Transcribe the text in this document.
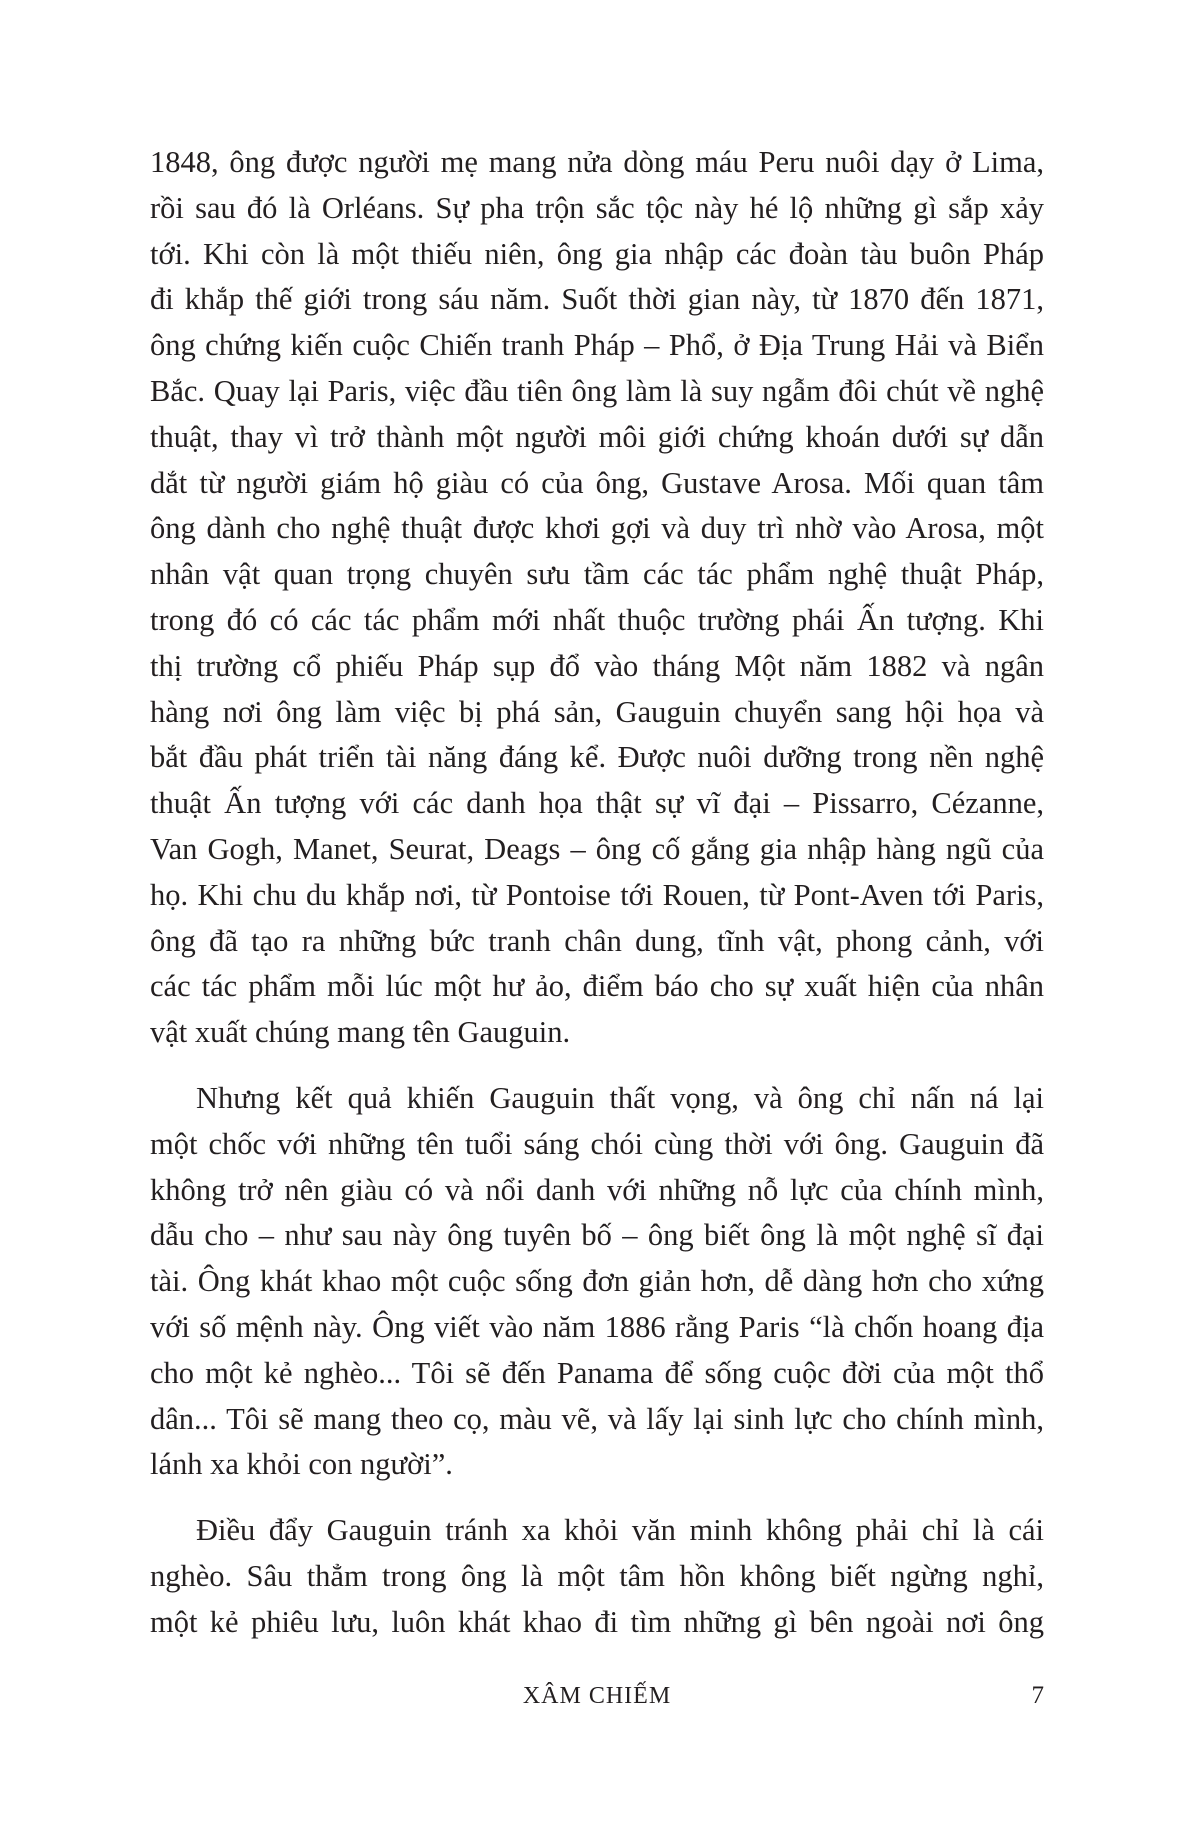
1848, ông được người mẹ mang nửa dòng máu Peru nuôi dạy ở Lima,
rồi sau đó là Orléans. Sự pha trộn sắc tộc này hé lộ những gì sắp xảy
tới. Khi còn là một thiếu niên, ông gia nhập các đoàn tàu buôn Pháp
đi khắp thế giới trong sáu năm. Suốt thời gian này, từ 1870 đến 1871,
ông chứng kiến cuộc Chiến tranh Pháp – Phổ, ở Địa Trung Hải và Biển
Bắc. Quay lại Paris, việc đầu tiên ông làm là suy ngẫm đôi chút về nghệ
thuật, thay vì trở thành một người môi giới chứng khoán dưới sự dẫn
dắt từ người giám hộ giàu có của ông, Gustave Arosa. Mối quan tâm
ông dành cho nghệ thuật được khơi gợi và duy trì nhờ vào Arosa, một
nhân vật quan trọng chuyên sưu tầm các tác phẩm nghệ thuật Pháp,
trong đó có các tác phẩm mới nhất thuộc trường phái Ấn tượng. Khi
thị trường cổ phiếu Pháp sụp đổ vào tháng Một năm 1882 và ngân
hàng nơi ông làm việc bị phá sản, Gauguin chuyển sang hội họa và
bắt đầu phát triển tài năng đáng kể. Được nuôi dưỡng trong nền nghệ
thuật Ấn tượng với các danh họa thật sự vĩ đại – Pissarro, Cézanne,
Van Gogh, Manet, Seurat, Deags – ông cố gắng gia nhập hàng ngũ của
họ. Khi chu du khắp nơi, từ Pontoise tới Rouen, từ Pont-Aven tới Paris,
ông đã tạo ra những bức tranh chân dung, tĩnh vật, phong cảnh, với
các tác phẩm mỗi lúc một hư ảo, điểm báo cho sự xuất hiện của nhân
vật xuất chúng mang tên Gauguin.
Nhưng kết quả khiến Gauguin thất vọng, và ông chỉ nấn ná lại
một chốc với những tên tuổi sáng chói cùng thời với ông. Gauguin đã
không trở nên giàu có và nổi danh với những nỗ lực của chính mình,
dẫu cho – như sau này ông tuyên bố – ông biết ông là một nghệ sĩ đại
tài. Ông khát khao một cuộc sống đơn giản hơn, dễ dàng hơn cho xứng
với số mệnh này. Ông viết vào năm 1886 rằng Paris “là chốn hoang địa
cho một kẻ nghèo... Tôi sẽ đến Panama để sống cuộc đời của một thổ
dân... Tôi sẽ mang theo cọ, màu vẽ, và lấy lại sinh lực cho chính mình,
lánh xa khỏi con người”.
Điều đẩy Gauguin tránh xa khỏi văn minh không phải chỉ là cái
nghèo. Sâu thẳm trong ông là một tâm hồn không biết ngừng nghỉ,
một kẻ phiêu lưu, luôn khát khao đi tìm những gì bên ngoài nơi ông
XÂM CHIẾM	7
